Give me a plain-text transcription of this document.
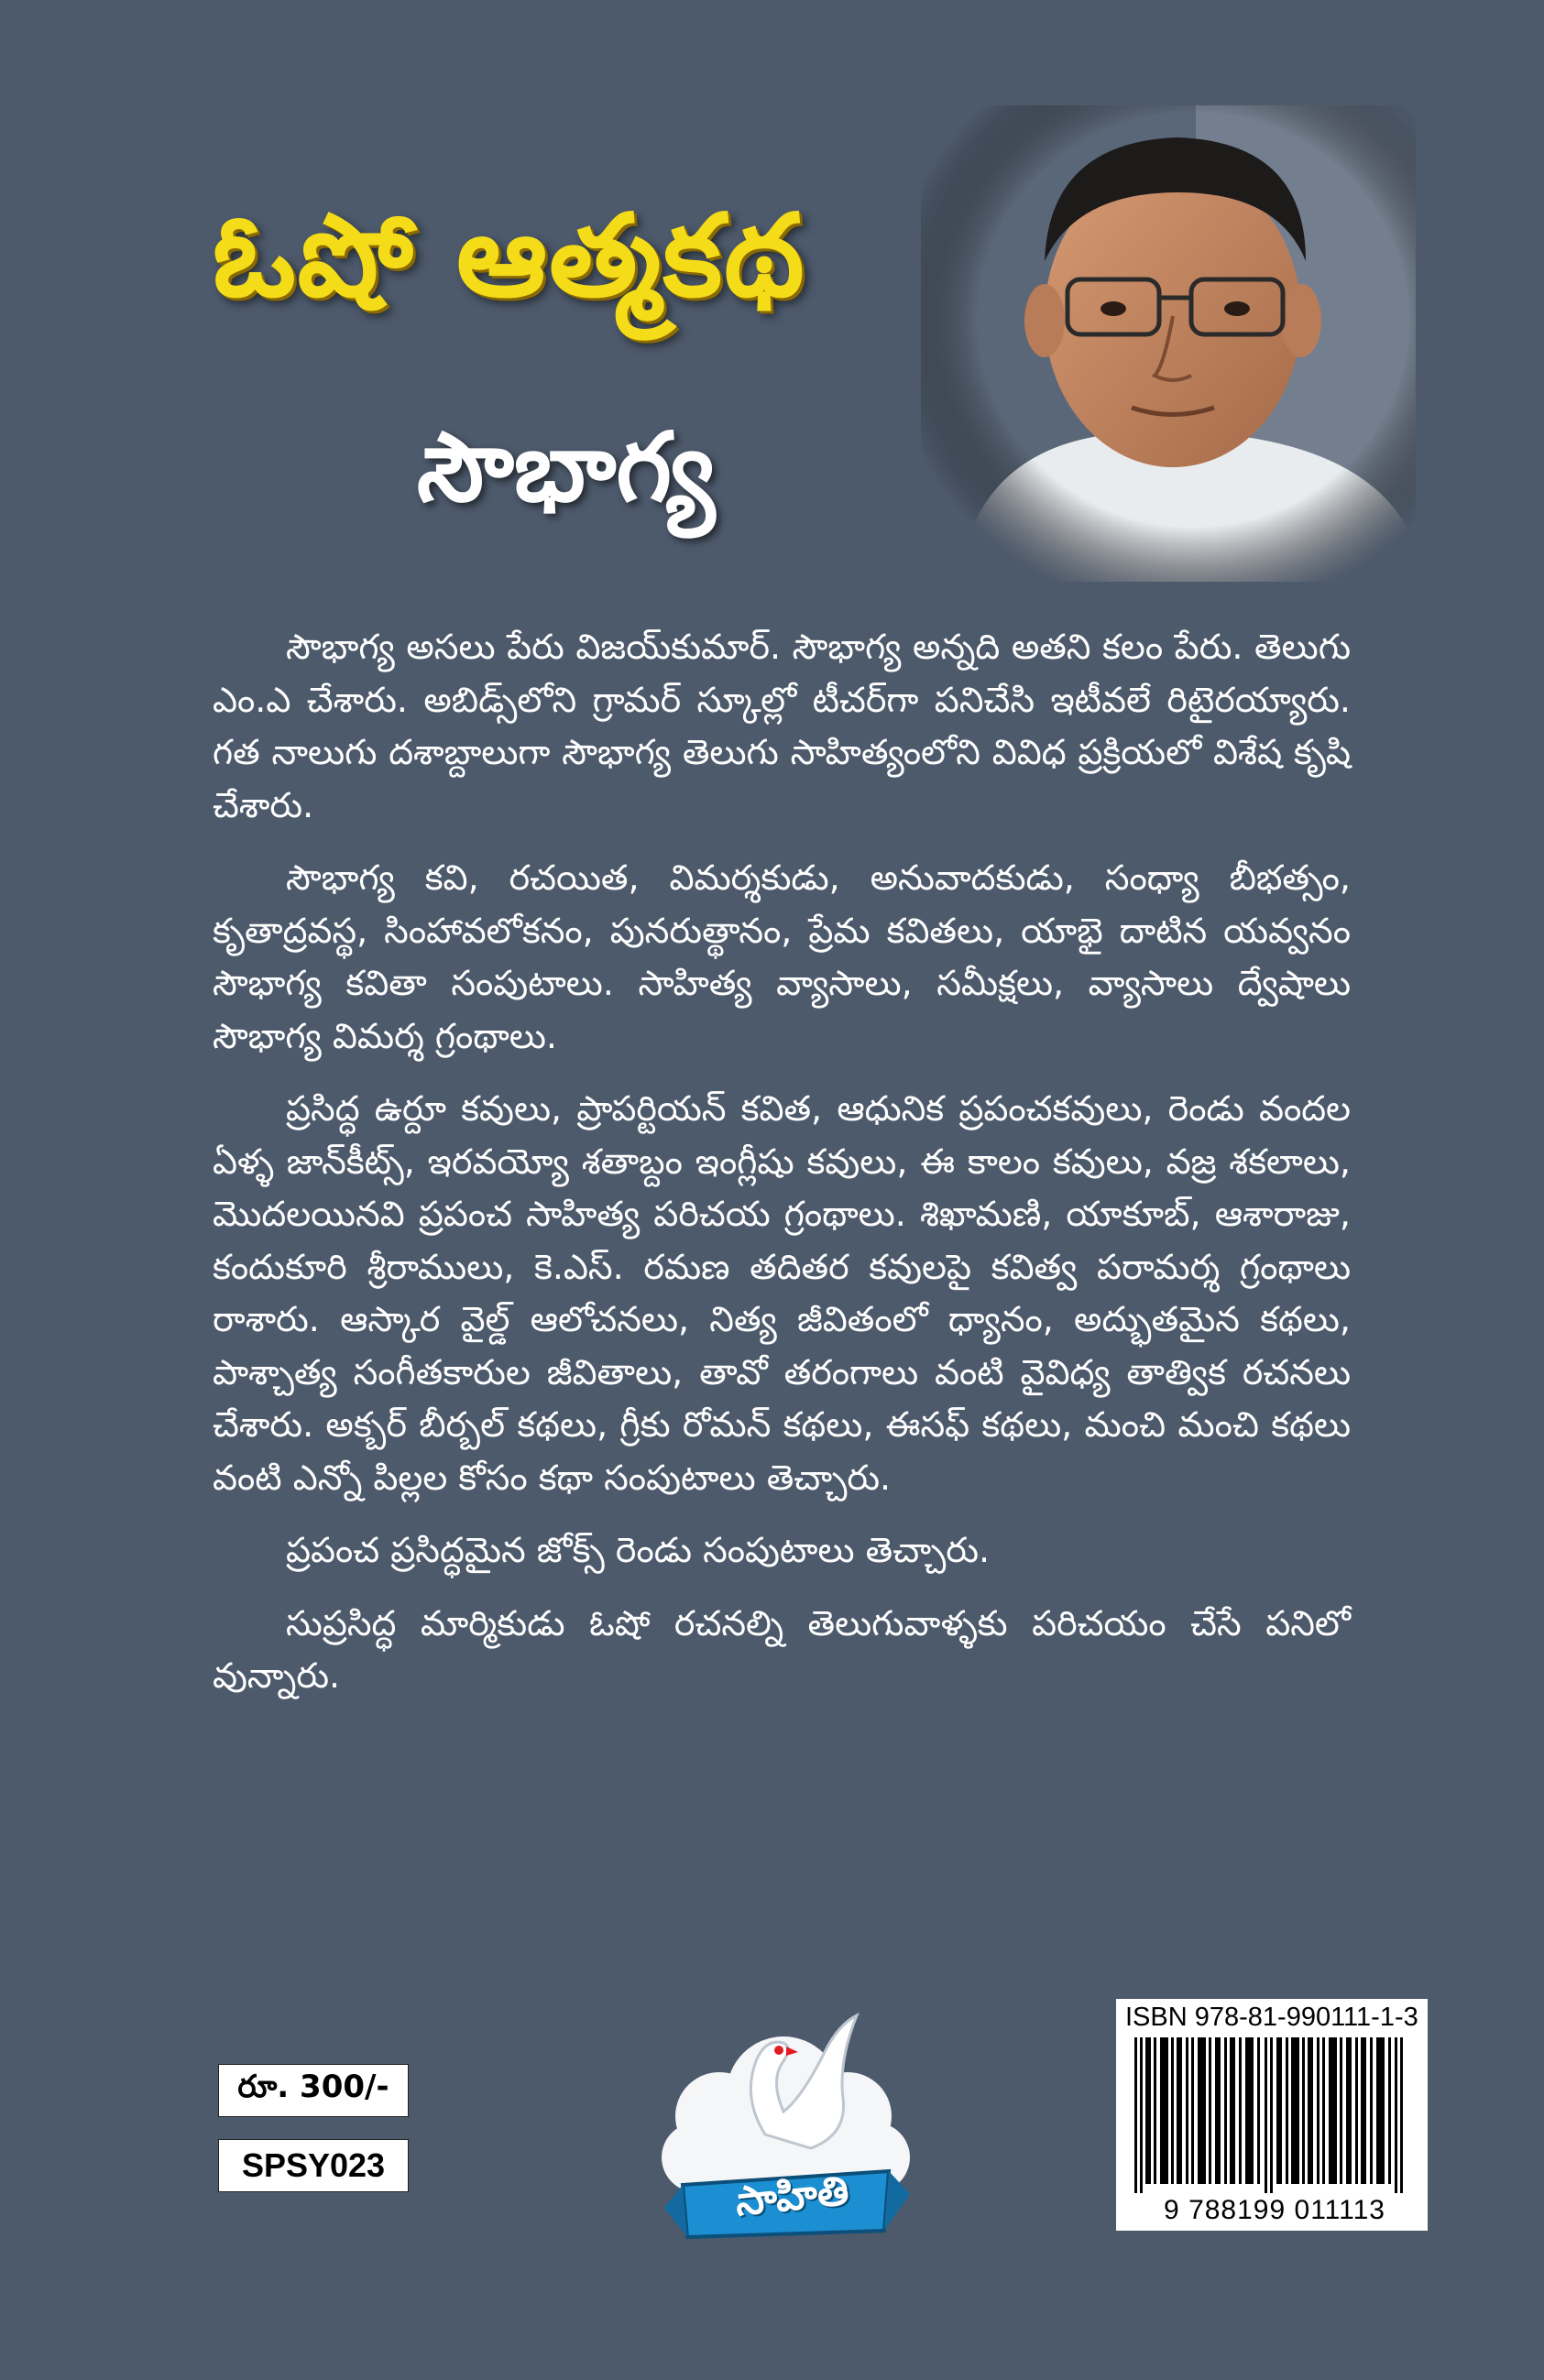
ఓషో ఆత్మకథ
సౌభాగ్య

సౌభాగ్య అసలు పేరు విజయ్‌కుమార్. సౌభాగ్య అన్నది అతని కలం పేరు. తెలుగు ఎం.ఎ చేశారు. అబిడ్స్‌లోని గ్రామర్ స్కూల్లో టీచర్‌గా పనిచేసి ఇటీవలే రిటైరయ్యారు. గత నాలుగు దశాబ్దాలుగా సౌభాగ్య తెలుగు సాహిత్యంలోని వివిధ ప్రక్రియలో విశేష కృషి చేశారు.

సౌభాగ్య కవి, రచయిత, విమర్శకుడు, అనువాదకుడు, సంధ్యా బీభత్సం, కృతాద్రవస్థ, సింహావలోకనం, పునరుత్థానం, ప్రేమ కవితలు, యాభై దాటిన యవ్వనం సౌభాగ్య కవితా సంపుటాలు. సాహిత్య వ్యాసాలు, సమీక్షలు, వ్యాసాలు ద్వేషాలు సౌభాగ్య విమర్శ గ్రంథాలు.

ప్రసిద్ధ ఉర్దూ కవులు, ప్రాపర్టియన్ కవిత, ఆధునిక ప్రపంచకవులు, రెండు వందల ఏళ్ళ జాన్‌కీట్స్, ఇరవయ్యో శతాబ్దం ఇంగ్లీషు కవులు, ఈ కాలం కవులు, వజ్ర శకలాలు, మొదలయినవి ప్రపంచ సాహిత్య పరిచయ గ్రంథాలు. శిఖామణి, యాకూబ్, ఆశారాజు, కందుకూరి శ్రీరాములు, కె.ఎస్. రమణ తదితర కవులపై కవిత్వ పరామర్శ గ్రంథాలు రాశారు. ఆస్కార వైల్డ్ ఆలోచనలు, నిత్య జీవితంలో ధ్యానం, అద్భుతమైన కథలు, పాశ్చాత్య సంగీతకారుల జీవితాలు, తావో తరంగాలు వంటి వైవిధ్య తాత్విక రచనలు చేశారు. అక్బర్ బీర్బల్ కథలు, గ్రీకు రోమన్ కథలు, ఈసఫ్ కథలు, మంచి మంచి కథలు వంటి ఎన్నో పిల్లల కోసం కథా సంపుటాలు తెచ్చారు.

ప్రపంచ ప్రసిద్ధమైన జోక్స్ రెండు సంపుటాలు తెచ్చారు.

సుప్రసిద్ధ మార్మికుడు ఓషో రచనల్ని తెలుగువాళ్ళకు పరిచయం చేసే పనిలో వున్నారు.

రూ. 300/-
SPSY023
సాహితి
ISBN 978-81-990111-1-3
9 788199 011113
